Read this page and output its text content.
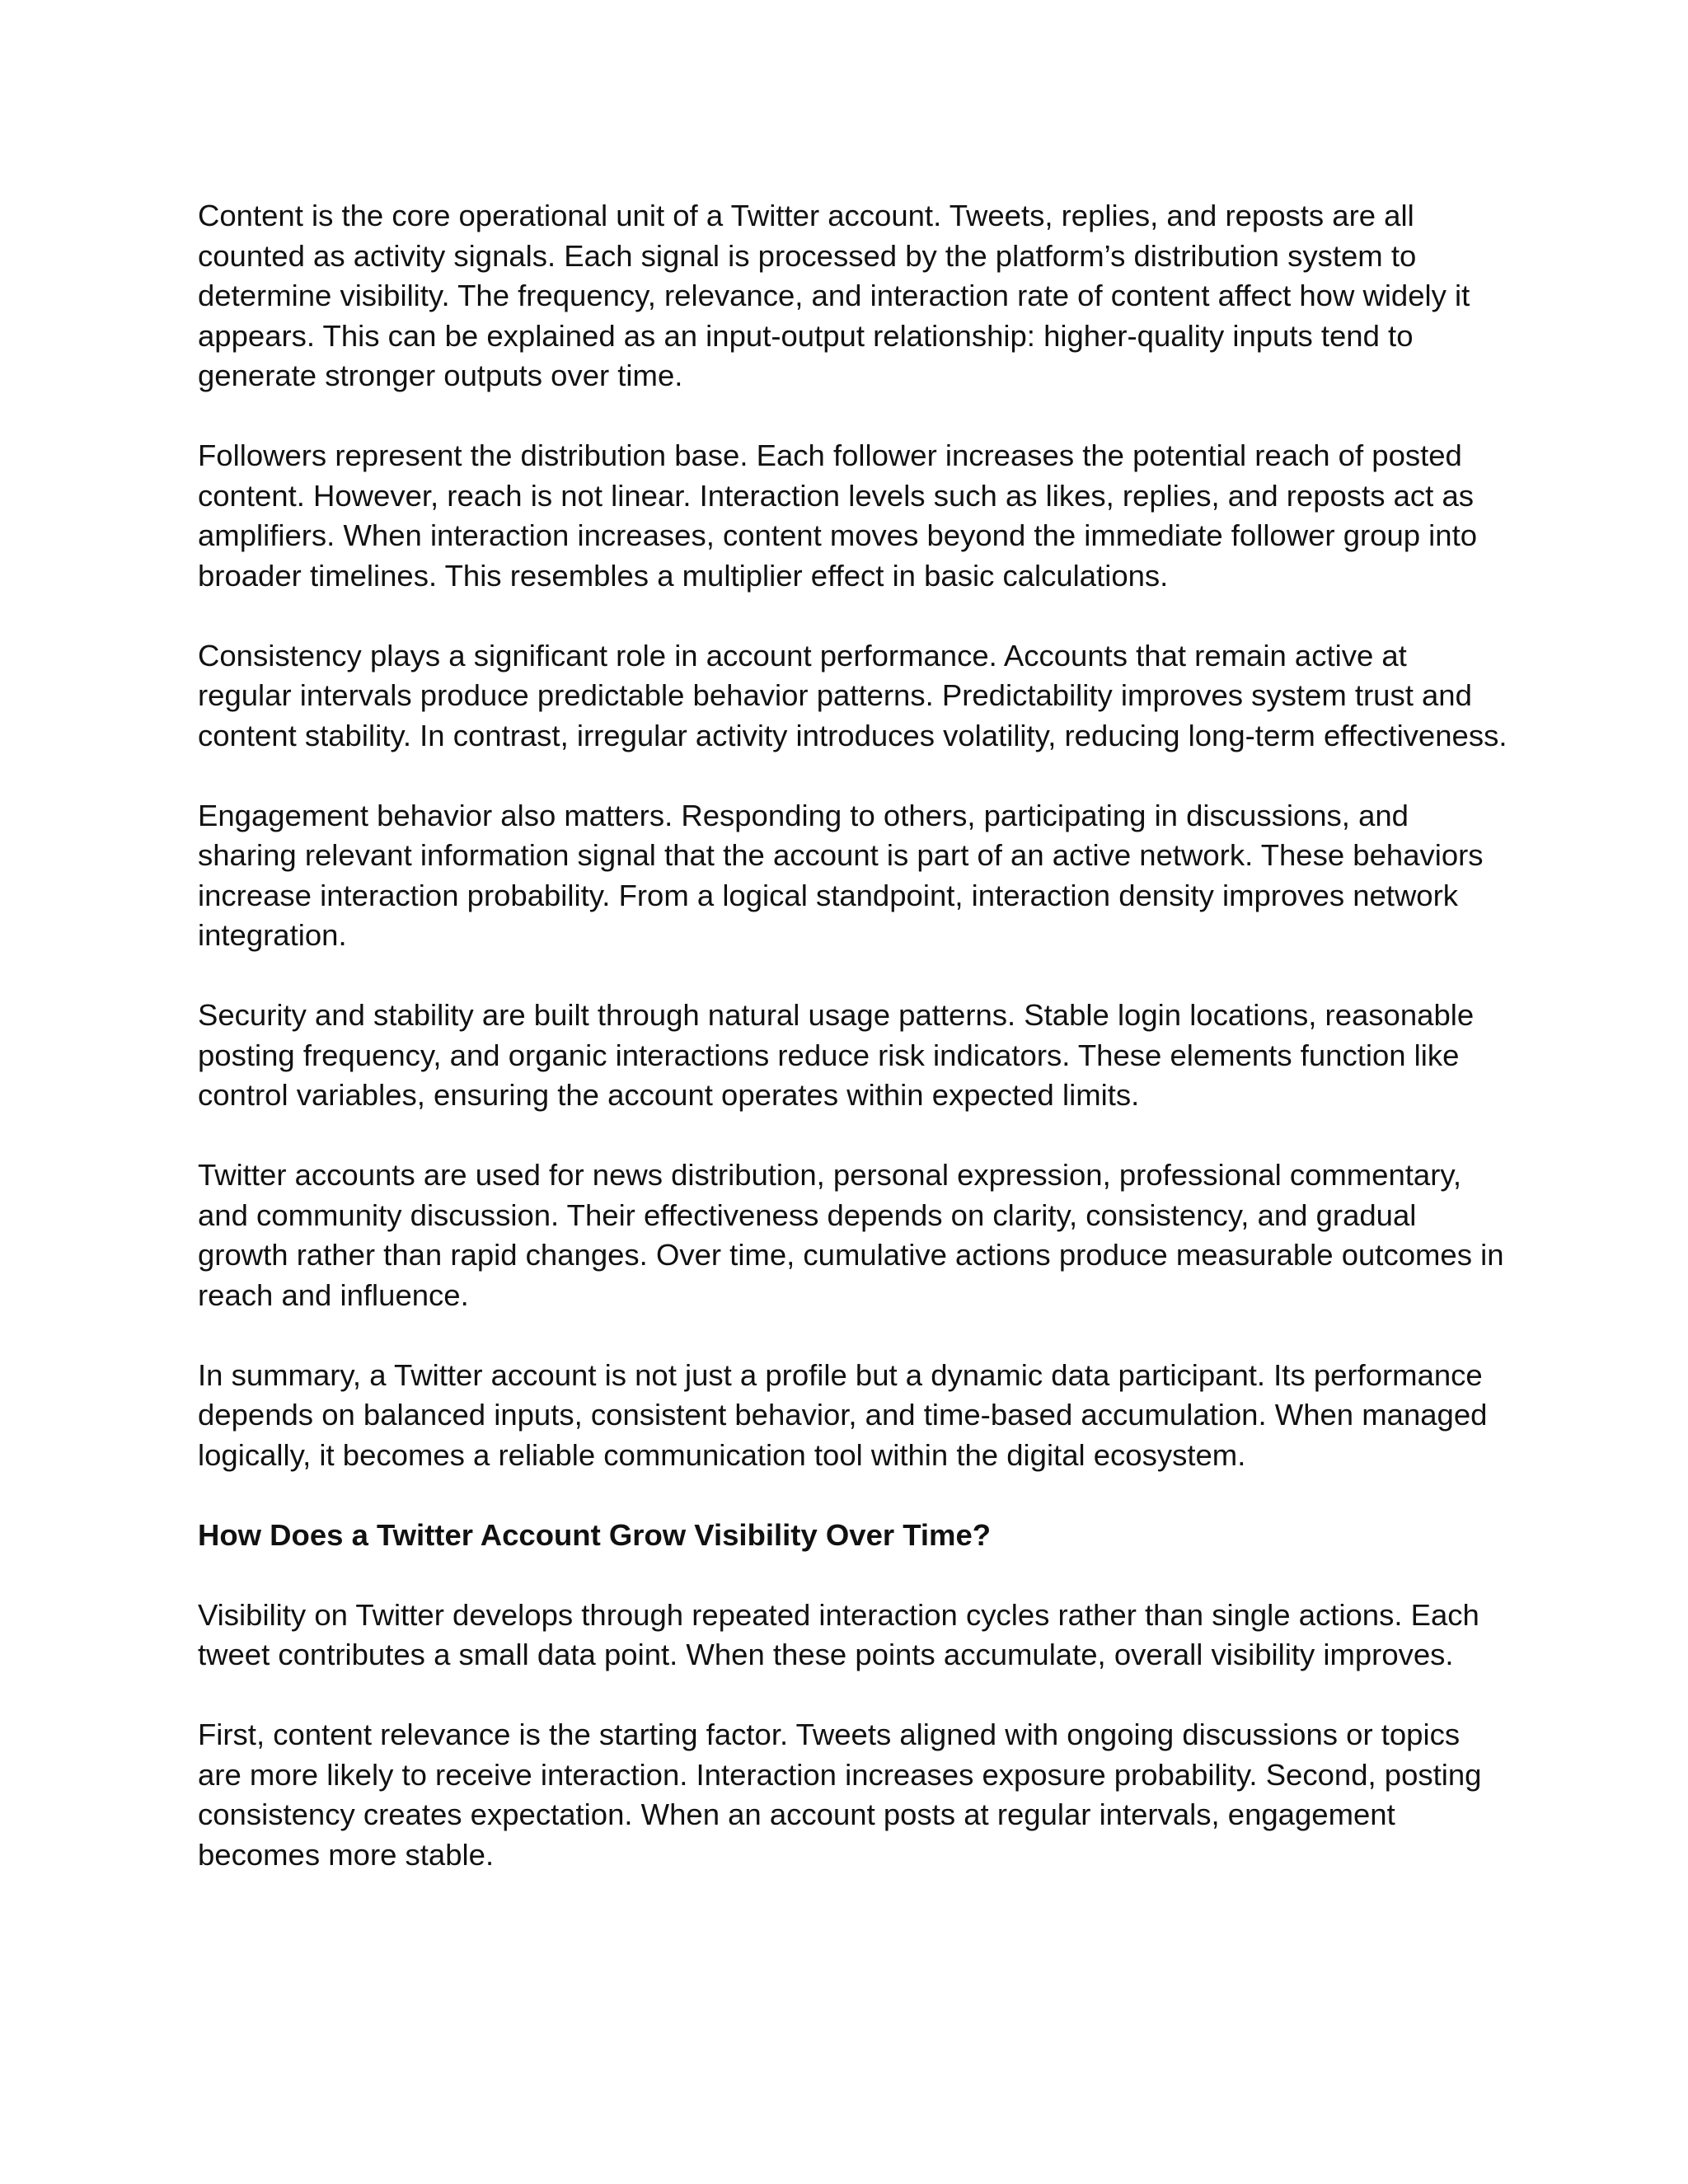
Content is the core operational unit of a Twitter account. Tweets, replies, and reposts are all counted as activity signals. Each signal is processed by the platform’s distribution system to determine visibility. The frequency, relevance, and interaction rate of content affect how widely it appears. This can be explained as an input-output relationship: higher-quality inputs tend to generate stronger outputs over time.

Followers represent the distribution base. Each follower increases the potential reach of posted content. However, reach is not linear. Interaction levels such as likes, replies, and reposts act as amplifiers. When interaction increases, content moves beyond the immediate follower group into broader timelines. This resembles a multiplier effect in basic calculations.

Consistency plays a significant role in account performance. Accounts that remain active at regular intervals produce predictable behavior patterns. Predictability improves system trust and content stability. In contrast, irregular activity introduces volatility, reducing long-term effectiveness.

Engagement behavior also matters. Responding to others, participating in discussions, and sharing relevant information signal that the account is part of an active network. These behaviors increase interaction probability. From a logical standpoint, interaction density improves network integration.

Security and stability are built through natural usage patterns. Stable login locations, reasonable posting frequency, and organic interactions reduce risk indicators. These elements function like control variables, ensuring the account operates within expected limits.

Twitter accounts are used for news distribution, personal expression, professional commentary, and community discussion. Their effectiveness depends on clarity, consistency, and gradual growth rather than rapid changes. Over time, cumulative actions produce measurable outcomes in reach and influence.

In summary, a Twitter account is not just a profile but a dynamic data participant. Its performance depends on balanced inputs, consistent behavior, and time-based accumulation. When managed logically, it becomes a reliable communication tool within the digital ecosystem.

How Does a Twitter Account Grow Visibility Over Time?

Visibility on Twitter develops through repeated interaction cycles rather than single actions. Each tweet contributes a small data point. When these points accumulate, overall visibility improves.

First, content relevance is the starting factor. Tweets aligned with ongoing discussions or topics are more likely to receive interaction. Interaction increases exposure probability. Second, posting consistency creates expectation. When an account posts at regular intervals, engagement becomes more stable.
